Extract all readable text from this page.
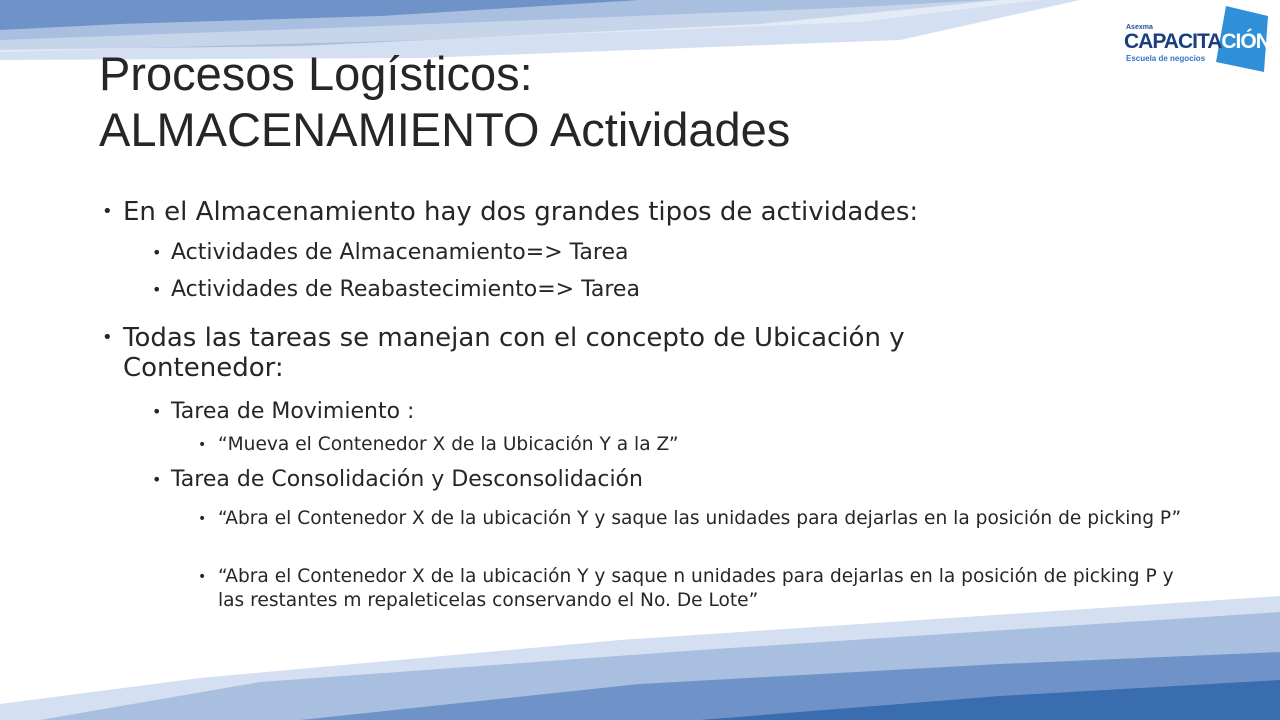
Asexma
CAPACITACIÓN
Escuela de negocios
Procesos Logísticos:
ALMACENAMIENTO Actividades

• En el Almacenamiento hay dos grandes tipos de actividades:

• Actividades de Almacenamiento=> Tarea

• Actividades de Reabastecimiento=> Tarea

• Todas las tareas se manejan con el concepto de Ubicación y Contenedor:

• Tarea de Movimiento :

• “Mueva el Contenedor X de la Ubicación Y a la Z”

• Tarea de Consolidación y Desconsolidación

• “Abra el Contenedor X de la ubicación Y y saque las unidades para dejarlas en la posición de picking P”

• “Abra el Contenedor X de la ubicación Y y saque n unidades para dejarlas en la posición de picking P y las restantes m repaleticelas conservando el No. De Lote”
